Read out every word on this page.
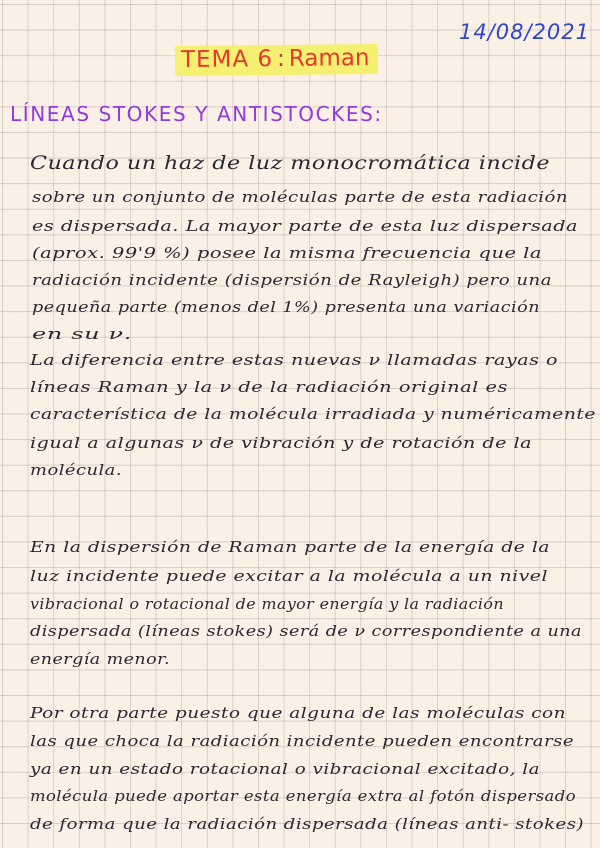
14/08/2021
TEMA 6 : Raman
LÍNEAS STOKES Y ANTISTOCKES:
Cuando un haz de luz monocromática incide
sobre un conjunto de moléculas parte de esta radiación
es dispersada. La mayor parte de esta luz dispersada
(aprox. 99'9 %) posee la misma frecuencia que la
radiación incidente (dispersión de Rayleigh) pero una
pequeña parte (menos del 1%) presenta una variación
en su ν.
La diferencia entre estas nuevas ν llamadas rayas o
líneas Raman y la ν de la radiación original es
característica de la molécula irradiada y numéricamente
igual a algunas ν de vibración y de rotación de la
molécula.
En la dispersión de Raman parte de la energía de la
luz incidente puede excitar a la molécula a un nivel
vibracional o rotacional de mayor energía y la radiación
dispersada (líneas stokes) será de ν correspondiente a una
energía menor.
Por otra parte puesto que alguna de las moléculas con
las que choca la radiación incidente pueden encontrarse
ya en un estado rotacional o vibracional excitado, la
molécula puede aportar esta energía extra al fotón dispersado
de forma que la radiación dispersada (líneas anti- stokes)
